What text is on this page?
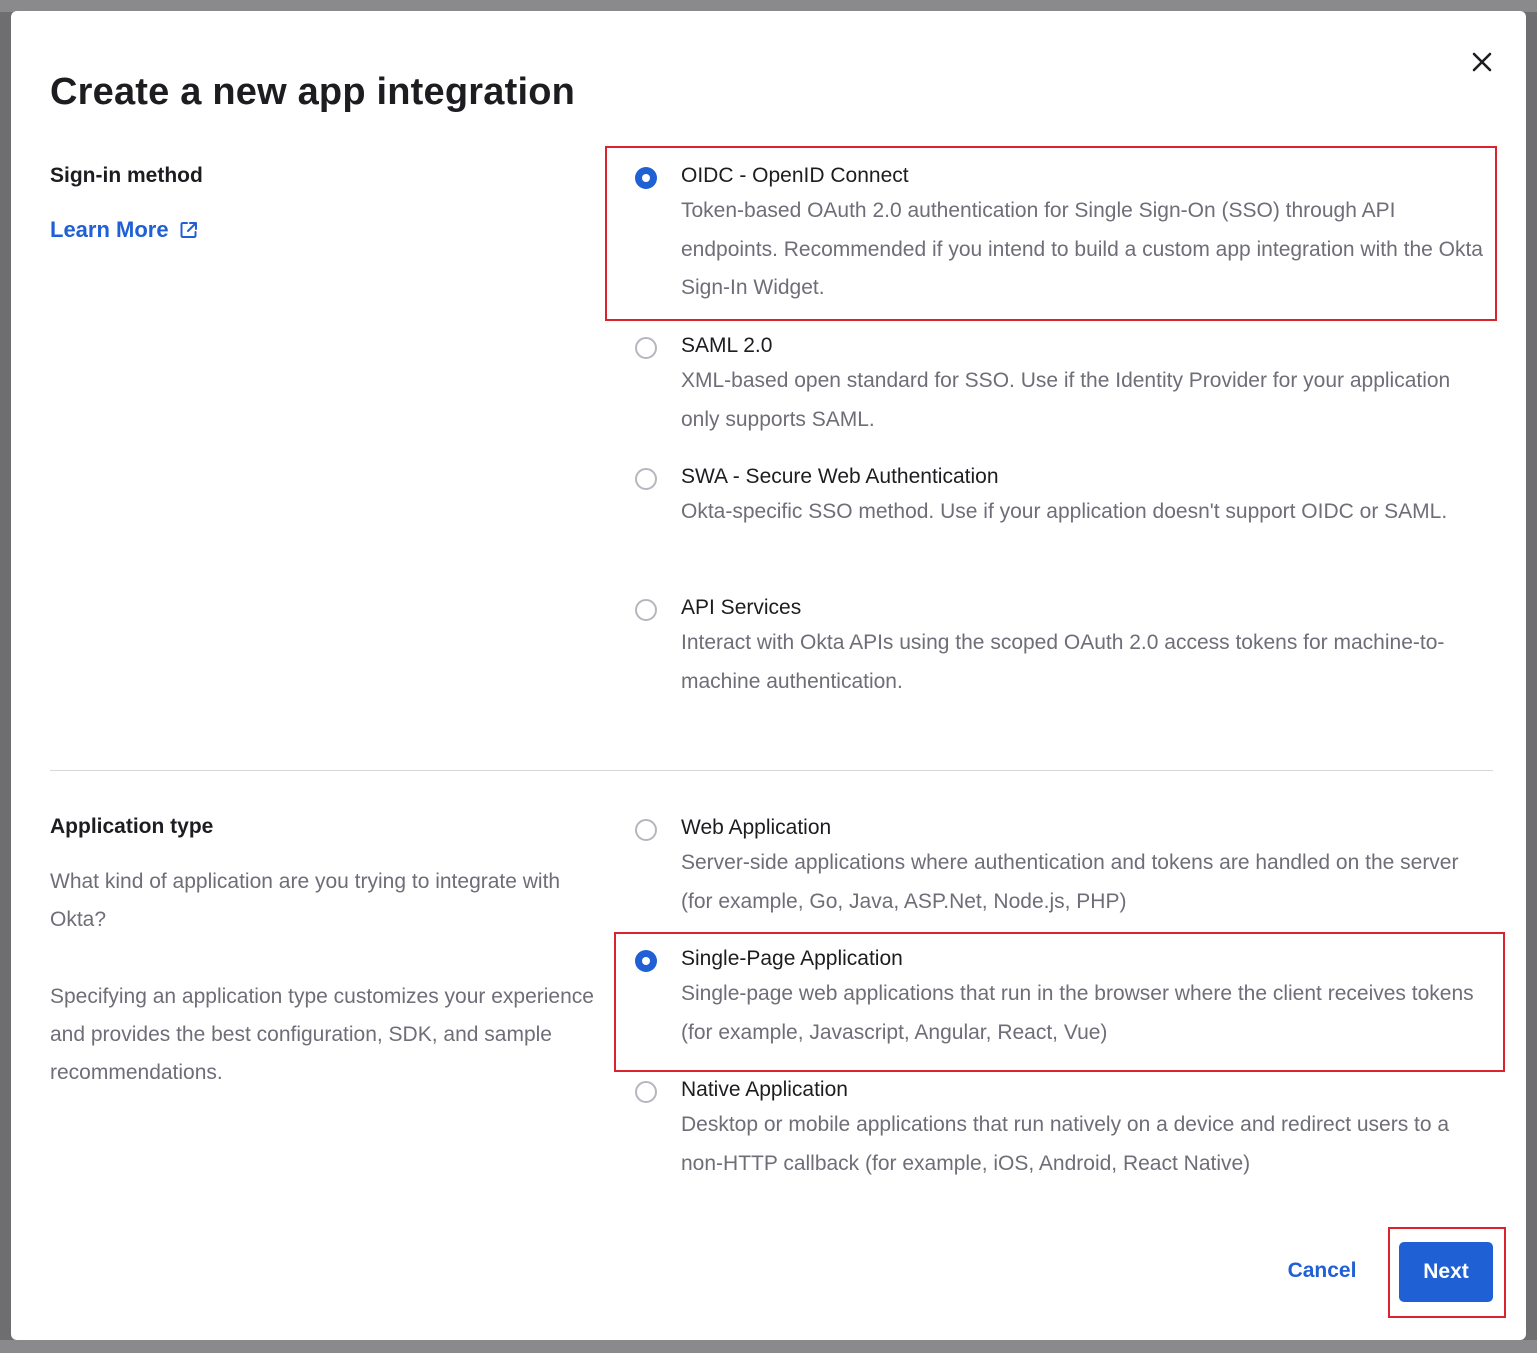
Create a new app integration
Sign-in method
Learn More
OIDC - OpenID Connect

Token-based OAuth 2.0 authentication for Single Sign-On (SSO) through API endpoints. Recommended if you intend to build a custom app integration with the Okta Sign-In Widget.

SAML 2.0

XML-based open standard for SSO. Use if the Identity Provider for your application only supports SAML.

SWA - Secure Web Authentication

Okta-specific SSO method. Use if your application doesn't support OIDC or SAML.

API Services

Interact with Okta APIs using the scoped OAuth 2.0 access tokens for machine-to-machine authentication.

Application type

What kind of application are you trying to integrate with Okta?

Specifying an application type customizes your experience and provides the best configuration, SDK, and sample recommendations.

Web Application

Server-side applications where authentication and tokens are handled on the server (for example, Go, Java, ASP.Net, Node.js, PHP)

Single-Page Application

Single-page web applications that run in the browser where the client receives tokens (for example, Javascript, Angular, React, Vue)

Native Application

Desktop or mobile applications that run natively on a device and redirect users to a non-HTTP callback (for example, iOS, Android, React Native)

Cancel	Next
